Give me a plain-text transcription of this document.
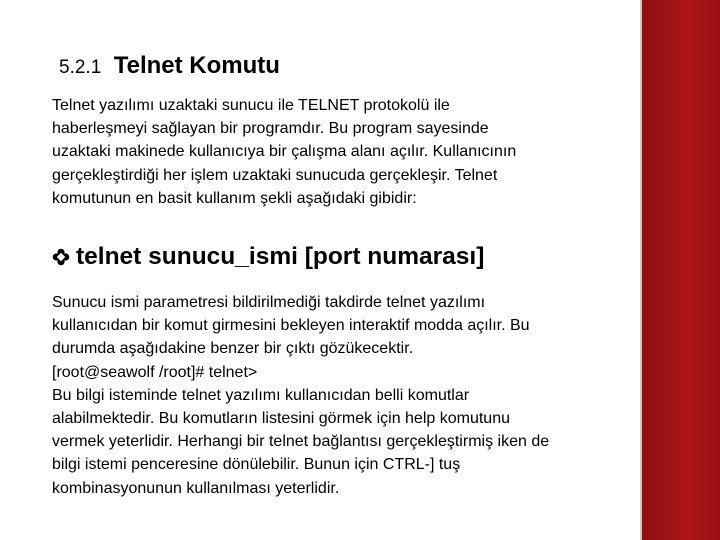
5.2.1 Telnet Komutu

Telnet yazılımı uzaktaki sunucu ile TELNET protokolü ile
haberleşmeyi sağlayan bir programdır. Bu program sayesinde
uzaktaki makinede kullanıcıya bir çalışma alanı açılır. Kullanıcının
gerçekleştirdiği her işlem uzaktaki sunucuda gerçekleşir. Telnet
komutunun en basit kullanım şekli aşağıdaki gibidir:

telnet sunucu_ismi [port numarası]

Sunucu ismi parametresi bildirilmediği takdirde telnet yazılımı
kullanıcıdan bir komut girmesini bekleyen interaktif modda açılır. Bu
durumda aşağıdakine benzer bir çıktı gözükecektir.
[root@seawolf /root]# telnet>
Bu bilgi isteminde telnet yazılımı kullanıcıdan belli komutlar
alabilmektedir. Bu komutların listesini görmek için help komutunu
vermek yeterlidir. Herhangi bir telnet bağlantısı gerçekleştirmiş iken de
bilgi istemi penceresine dönülebilir. Bunun için CTRL-] tuş
kombinasyonunun kullanılması yeterlidir.
